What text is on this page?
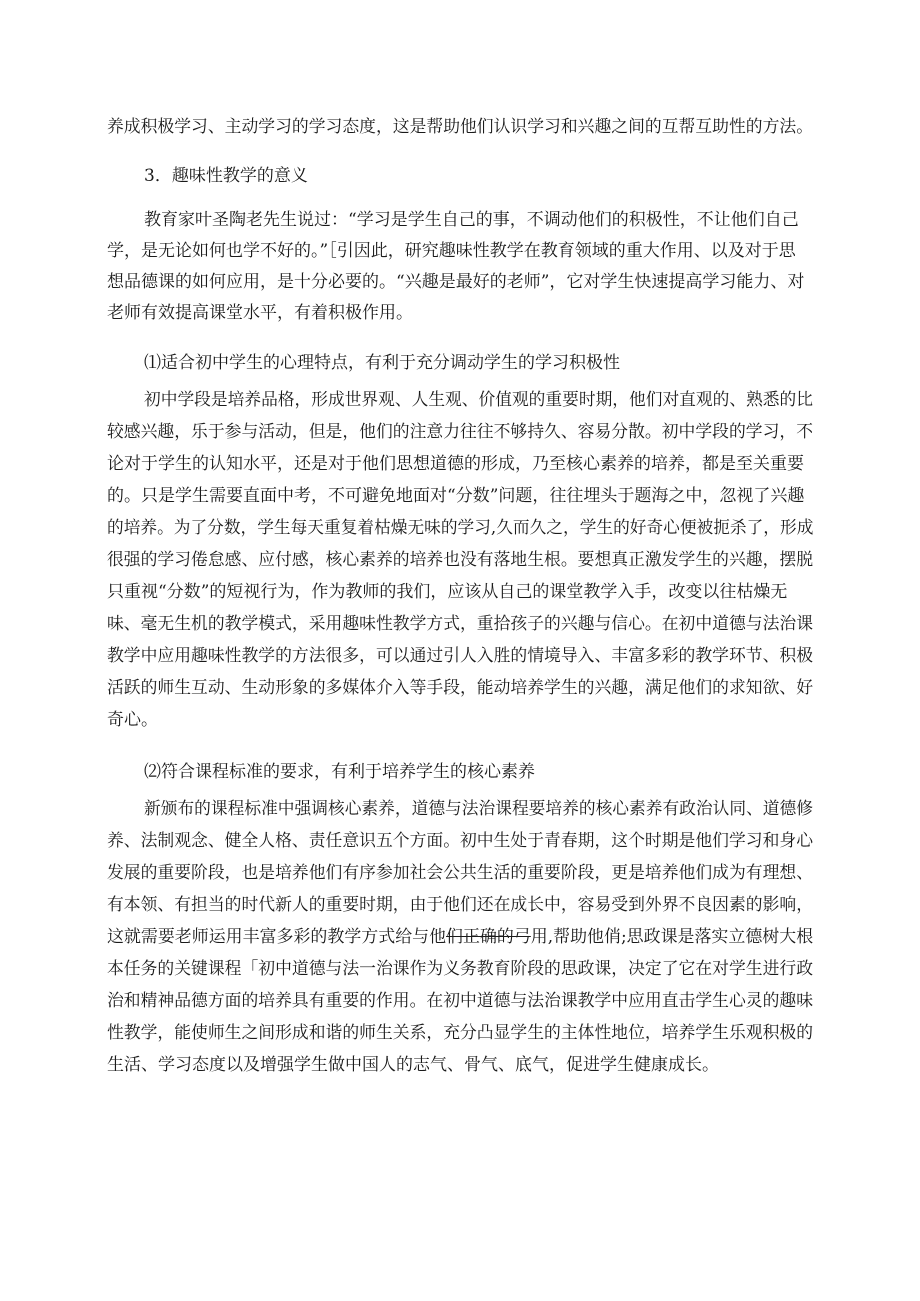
养成积极学习、主动学习的学习态度，这是帮助他们认识学习和兴趣之间的互帮互助性的方法。
3．趣味性教学的意义
教育家叶圣陶老先生说过：“学习是学生自己的事，不调动他们的积极性，不让他们自己
学，是无论如何也学不好的。”［引因此，研究趣味性教学在教育领域的重大作用、以及对于思
想品德课的如何应用，是十分必要的。“兴趣是最好的老师”，它对学生快速提高学习能力、对
老师有效提高课堂水平，有着积极作用。
⑴适合初中学生的心理特点，有利于充分调动学生的学习积极性
初中学段是培养品格，形成世界观、人生观、价值观的重要时期，他们对直观的、熟悉的比
较感兴趣，乐于参与活动，但是，他们的注意力往往不够持久、容易分散。初中学段的学习，不
论对于学生的认知水平，还是对于他们思想道德的形成，乃至核心素养的培养，都是至关重要
的。只是学生需要直面中考，不可避免地面对“分数”问题，往往埋头于题海之中，忽视了兴趣
的培养。为了分数，学生每天重复着枯燥无味的学习,久而久之，学生的好奇心便被扼杀了，形成
很强的学习倦怠感、应付感，核心素养的培养也没有落地生根。要想真正激发学生的兴趣，摆脱
只重视“分数”的短视行为，作为教师的我们，应该从自己的课堂教学入手，改变以往枯燥无
味、毫无生机的教学模式，采用趣味性教学方式，重拾孩子的兴趣与信心。在初中道德与法治课
教学中应用趣味性教学的方法很多，可以通过引人入胜的情境导入、丰富多彩的教学环节、积极
活跃的师生互动、生动形象的多媒体介入等手段，能动培养学生的兴趣，满足他们的求知欲、好
奇心。
⑵符合课程标准的要求，有利于培养学生的核心素养
新颁布的课程标准中强调核心素养，道德与法治课程要培养的核心素养有政治认同、道德修
养、法制观念、健全人格、责任意识五个方面。初中生处于青春期，这个时期是他们学习和身心
发展的重要阶段，也是培养他们有序参加社会公共生活的重要阶段，更是培养他们成为有理想、
有本领、有担当的时代新人的重要时期，由于他们还在成长中，容易受到外界不良因素的影响，
这就需要老师运用丰富多彩的教学方式给与他们正确的弓用,帮助他俏;思政课是落实立德树大根
本任务的关键课程「初中道德与法一治课作为义务教育阶段的思政课，决定了它在对学生进行政
治和精神品德方面的培养具有重要的作用。在初中道德与法治课教学中应用直击学生心灵的趣味
性教学，能使师生之间形成和谐的师生关系，充分凸显学生的主体性地位，培养学生乐观积极的
生活、学习态度以及增强学生做中国人的志气、骨气、底气，促进学生健康成长。
